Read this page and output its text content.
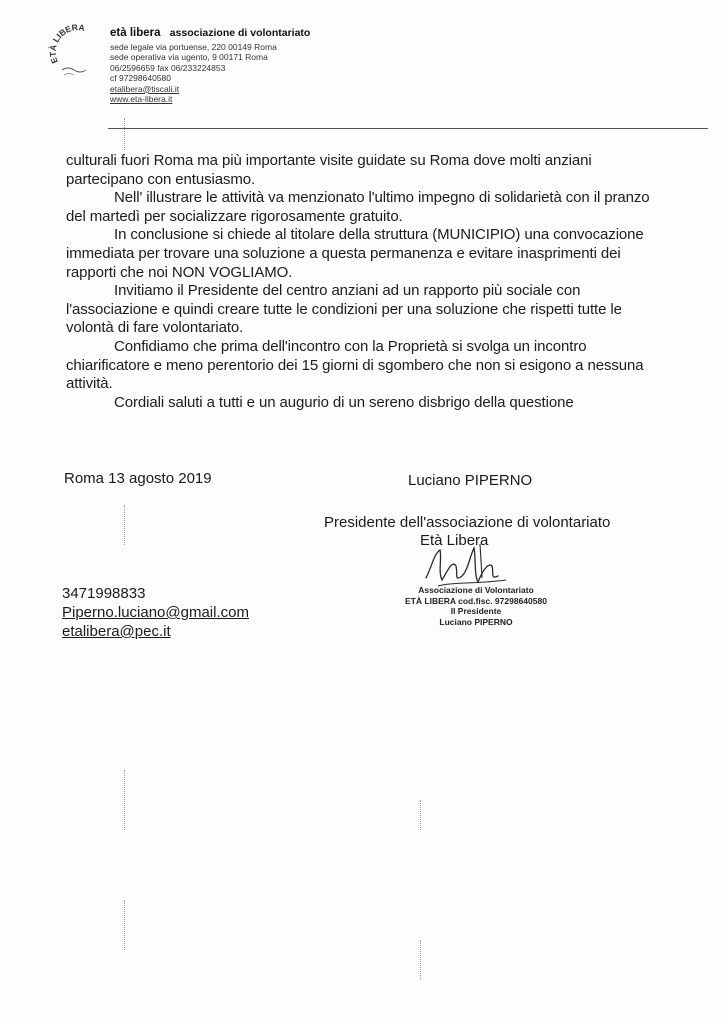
ETÀ LIBERA età libera associazione di volontariato
sede legale via portuense, 220 00149 Roma
sede operativa via ugento, 9 00171 Roma
06/2596659 fax 06/233224853
cf 97298640580
etalibera@tiscali.it
www.eta-libera.it

culturali fuori Roma ma più importante visite guidate su Roma dove molti anziani partecipano con entusiasmo.

Nell' illustrare le attività va menzionato l'ultimo impegno di solidarietà con il pranzo del martedì per socializzare rigorosamente gratuito.

In conclusione si chiede al titolare della struttura (MUNICIPIO) una convocazione immediata per trovare una soluzione a questa permanenza e evitare inasprimenti dei rapporti che noi NON VOGLIAMO.

Invitiamo il Presidente del centro anziani ad un rapporto più sociale con l'associazione e quindi creare tutte le condizioni per una soluzione che rispetti tutte le volontà di fare volontariato.

Confidiamo che prima dell'incontro con la Proprietà si svolga un incontro chiarificatore e meno perentorio dei 15 giorni di sgombero che non si esigono a nessuna attività.

Cordiali saluti a tutti e un augurio di un sereno disbrigo della questione

Roma 13 agosto 2019	Luciano PIPERNO
Presidente dell'associazione di volontariato
Età Libera
Associazione di Volontariato
ETÀ LIBERA cod.fisc. 97298640580
Il Presidente
Luciano PIPERNO
3471998833
Piperno.luciano@gmail.com
etalibera@pec.it
